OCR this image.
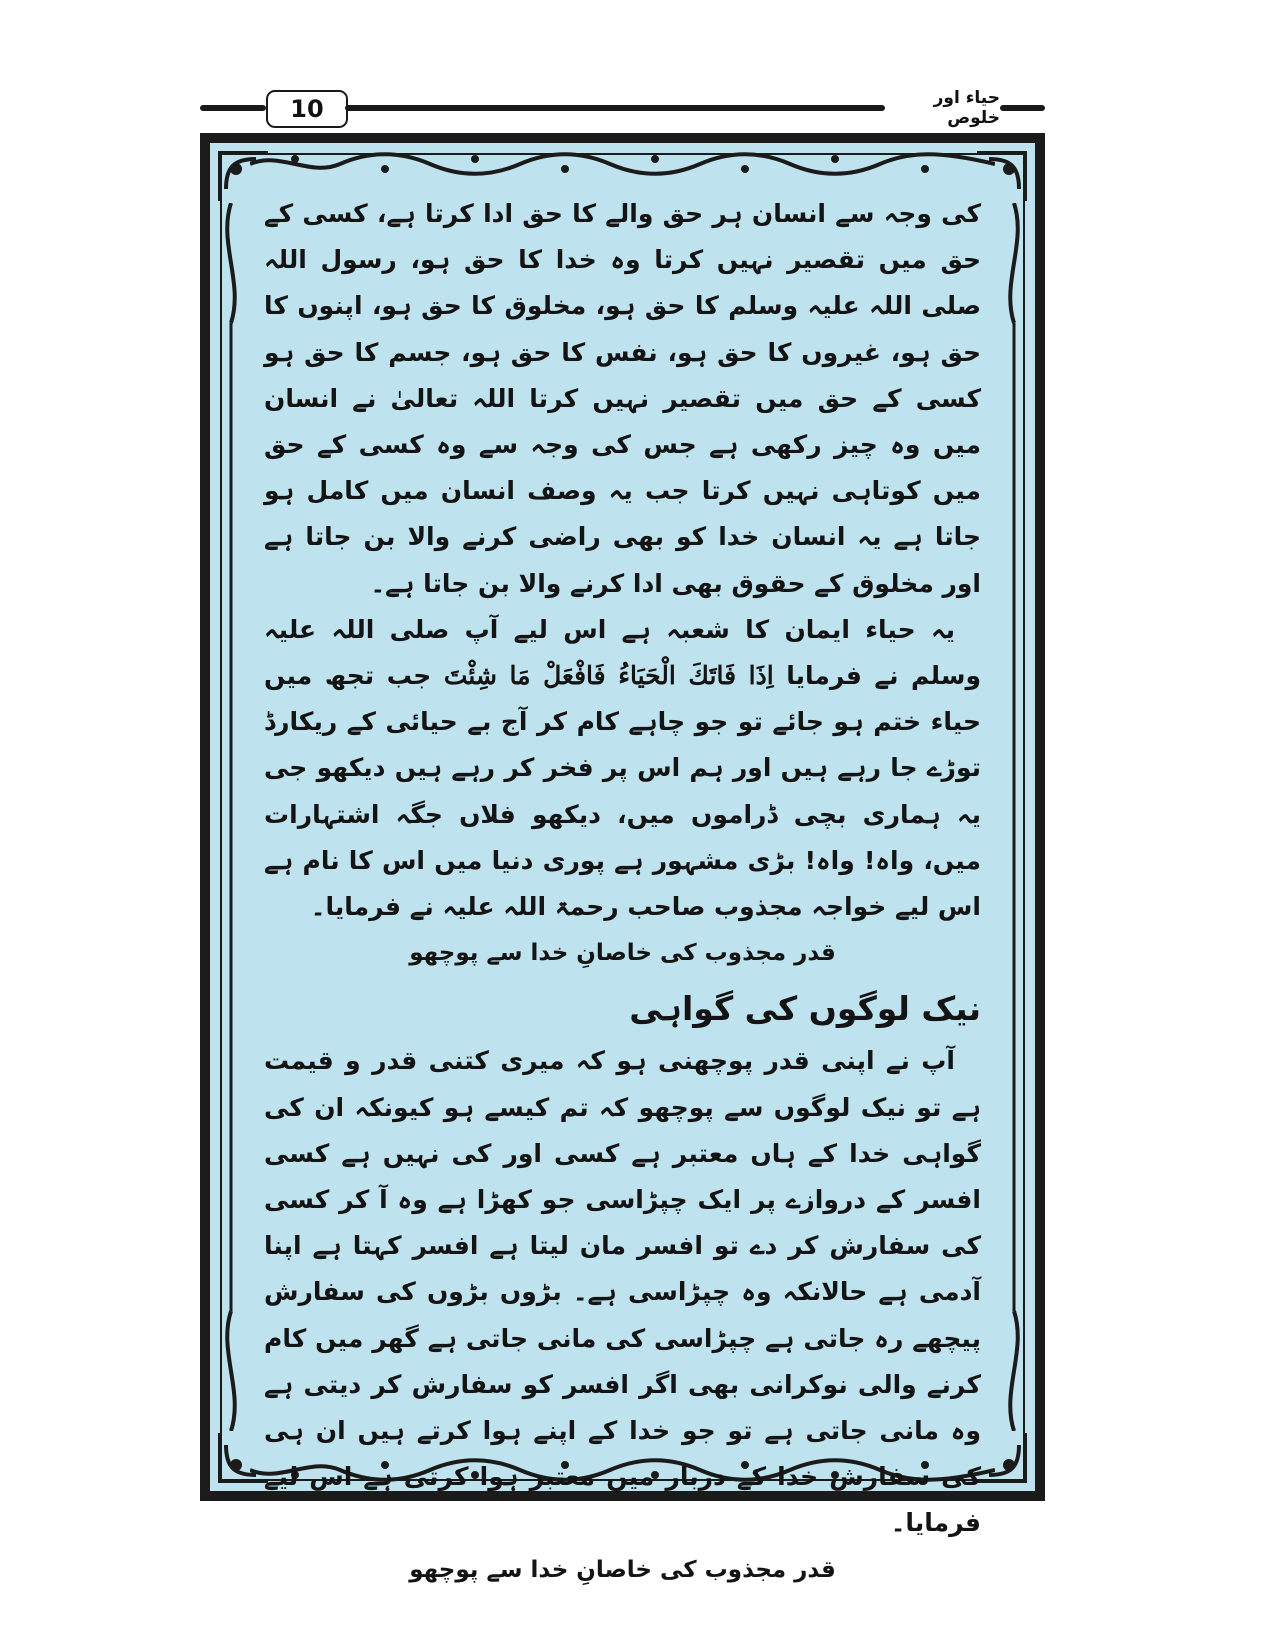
10	حیاء اور خلوص

کی وجہ سے انسان ہر حق والے کا حق ادا کرتا ہے، کسی کے حق میں تقصیر نہیں کرتا وہ خدا کا حق ہو، رسول اللہ صلی اللہ علیہ وسلم کا حق ہو، مخلوق کا حق ہو، اپنوں کا حق ہو، غیروں کا حق ہو، نفس کا حق ہو، جسم کا حق ہو کسی کے حق میں تقصیر نہیں کرتا اللہ تعالیٰ نے انسان میں وہ چیز رکھی ہے جس کی وجہ سے وہ کسی کے حق میں کوتاہی نہیں کرتا جب یہ وصف انسان میں کامل ہو جاتا ہے یہ انسان خدا کو بھی راضی کرنے والا بن جاتا ہے اور مخلوق کے حقوق بھی ادا کرنے والا بن جاتا ہے۔

یہ حیاء ایمان کا شعبہ ہے اس لیے آپ صلی اللہ علیہ وسلم نے فرمایا اِذَا فَاتَكَ الْحَیَاءُ فَافْعَلْ مَا شِئْتَ جب تجھ میں حیاء ختم ہو جائے تو جو چاہے کام کر آج بے حیائی کے ریکارڈ توڑے جا رہے ہیں اور ہم اس پر فخر کر رہے ہیں دیکھو جی یہ ہماری بچی ڈراموں میں، دیکھو فلاں جگہ اشتہارات میں، واہ! واہ! بڑی مشہور ہے پوری دنیا میں اس کا نام ہے اس لیے خواجہ مجذوب صاحب رحمۃ اللہ علیہ نے فرمایا۔

قدر مجذوب کی خاصانِ خدا سے پوچھو

نیک لوگوں کی گواہی

آپ نے اپنی قدر پوچھنی ہو کہ میری کتنی قدر و قیمت ہے تو نیک لوگوں سے پوچھو کہ تم کیسے ہو کیونکہ ان کی گواہی خدا کے ہاں معتبر ہے کسی اور کی نہیں ہے کسی افسر کے دروازے پر ایک چپڑاسی جو کھڑا ہے وہ آ کر کسی کی سفارش کر دے تو افسر مان لیتا ہے افسر کہتا ہے اپنا آدمی ہے حالانکہ وہ چپڑاسی ہے۔ بڑوں بڑوں کی سفارش پیچھے رہ جاتی ہے چپڑاسی کی مانی جاتی ہے گھر میں کام کرنے والی نوکرانی بھی اگر افسر کو سفارش کر دیتی ہے وہ مانی جاتی ہے تو جو خدا کے اپنے ہوا کرتے ہیں ان ہی کی سفارش خدا کے دربار میں معتبر ہوا کرتی ہے اس لیے فرمایا۔

قدر مجذوب کی خاصانِ خدا سے پوچھو
